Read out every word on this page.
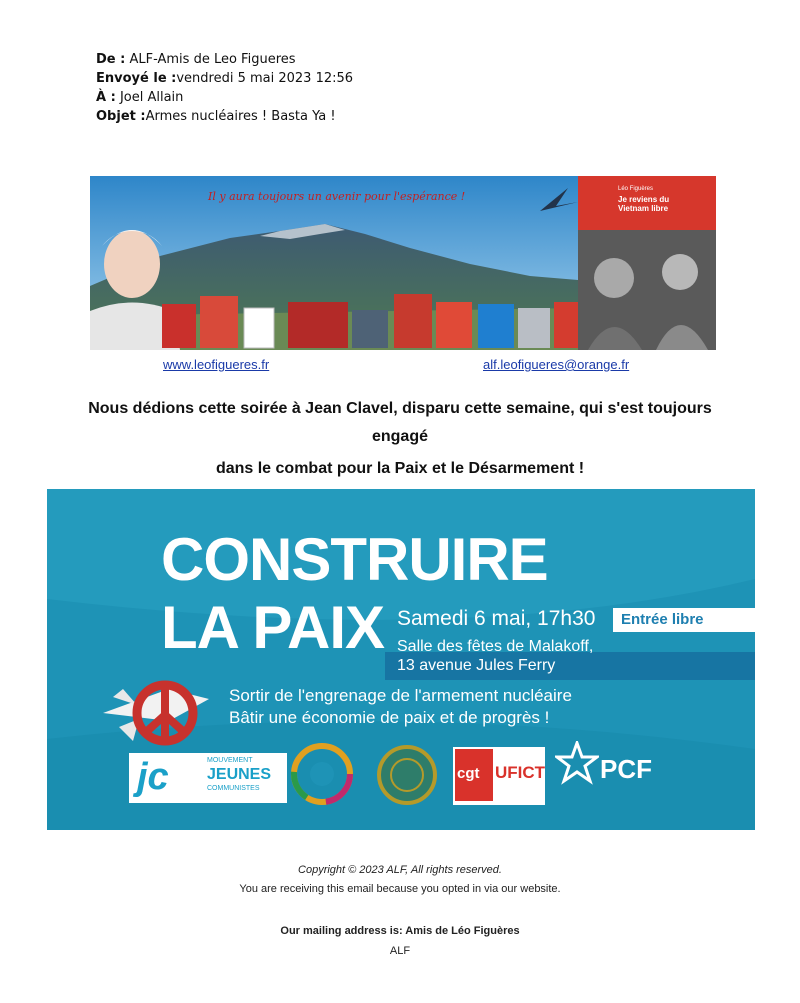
De : ALF-Amis de Leo Figueres
Envoyé le :vendredi 5 mai 2023 12:56
À : Joel Allain
Objet :Armes nucléaires ! Basta Ya !
Il y aura toujours un avenir pour l'espérance !
Léo Figuères
Je reviens du Vietnam libre
www.leofigueres.fr	alf.leofigueres@orange.fr
Nous dédions cette soirée à Jean Clavel, disparu cette semaine, qui s'est toujours
engagé
dans le combat pour la Paix et le Désarmement !
CONSTRUIRE
LA PAIX Samedi 6 mai, 17h30	Entrée libre
Salle des fêtes de Malakoff,
13 avenue Jules Ferry
Sortir de l'engrenage de l'armement nucléaire
Bâtir une économie de paix et de progrès !
jc	MOUVEMENT
JEUNES
COMMUNISTES
cgt UFICT PCF
Copyright © 2023 ALF, All rights reserved.
You are receiving this email because you opted in via our website.
Our mailing address is: Amis de Léo Figuères
ALF
